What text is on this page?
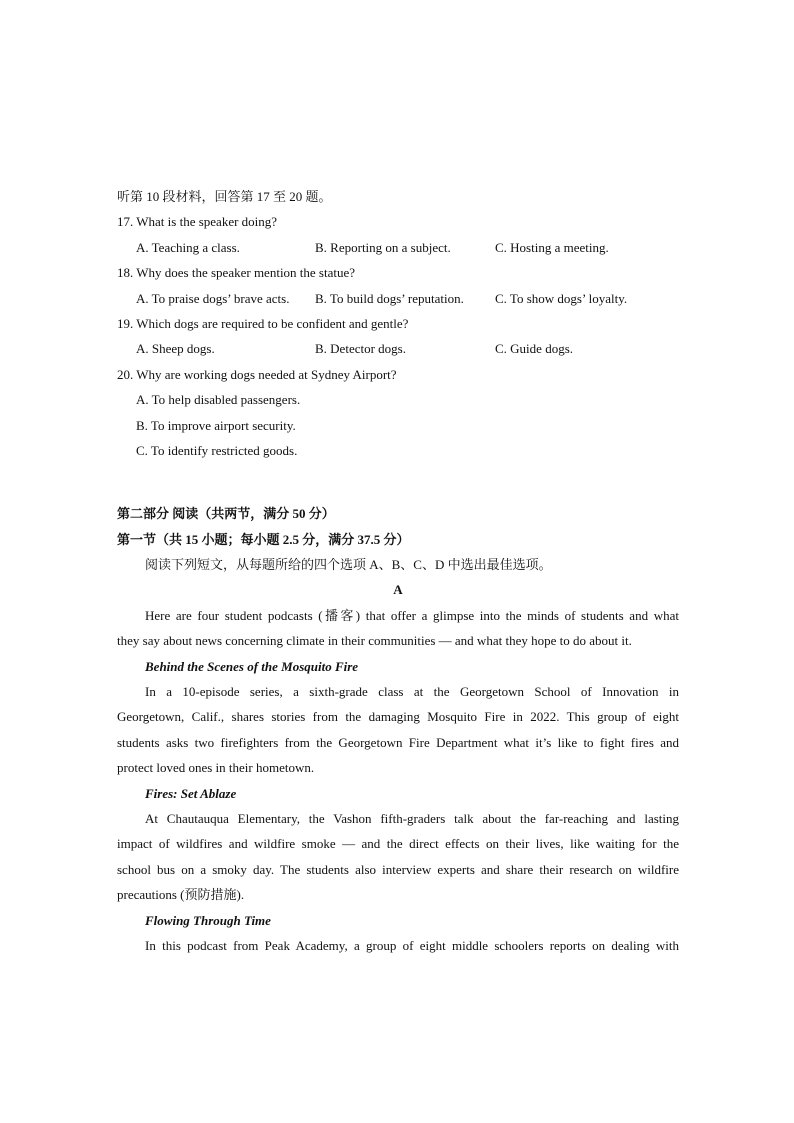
听第 10 段材料，回答第 17 至 20 题。
17. What is the speaker doing?
A. Teaching a class.	B. Reporting on a subject.	C. Hosting a meeting.
18. Why does the speaker mention the statue?
A. To praise dogs’ brave acts.	B. To build dogs’ reputation.	C. To show dogs’ loyalty.
19. Which dogs are required to be confident and gentle?
A. Sheep dogs.	B. Detector dogs.	C. Guide dogs.
20. Why are working dogs needed at Sydney Airport?
A. To help disabled passengers.
B. To improve airport security.
C. To identify restricted goods.
第二部分 阅读（共两节，满分 50 分）
第一节（共 15 小题；每小题 2.5 分，满分 37.5 分）
阅读下列短文，从每题所给的四个选项 A、B、C、D 中选出最佳选项。
A
Here are four student podcasts (播客) that offer a glimpse into the minds of students and what
they say about news concerning climate in their communities — and what they hope to do about it.
Behind the Scenes of the Mosquito Fire
In a 10-episode series, a sixth-grade class at the Georgetown School of Innovation in
Georgetown, Calif., shares stories from the damaging Mosquito Fire in 2022. This group of eight
students asks two firefighters from the Georgetown Fire Department what it’s like to fight fires and
protect loved ones in their hometown.
Fires: Set Ablaze
At Chautauqua Elementary, the Vashon fifth-graders talk about the far-reaching and lasting
impact of wildfires and wildfire smoke — and the direct effects on their lives, like waiting for the
school bus on a smoky day. The students also interview experts and share their research on wildfire
precautions (预防措施).
Flowing Through Time
In this podcast from Peak Academy, a group of eight middle schoolers reports on dealing with
